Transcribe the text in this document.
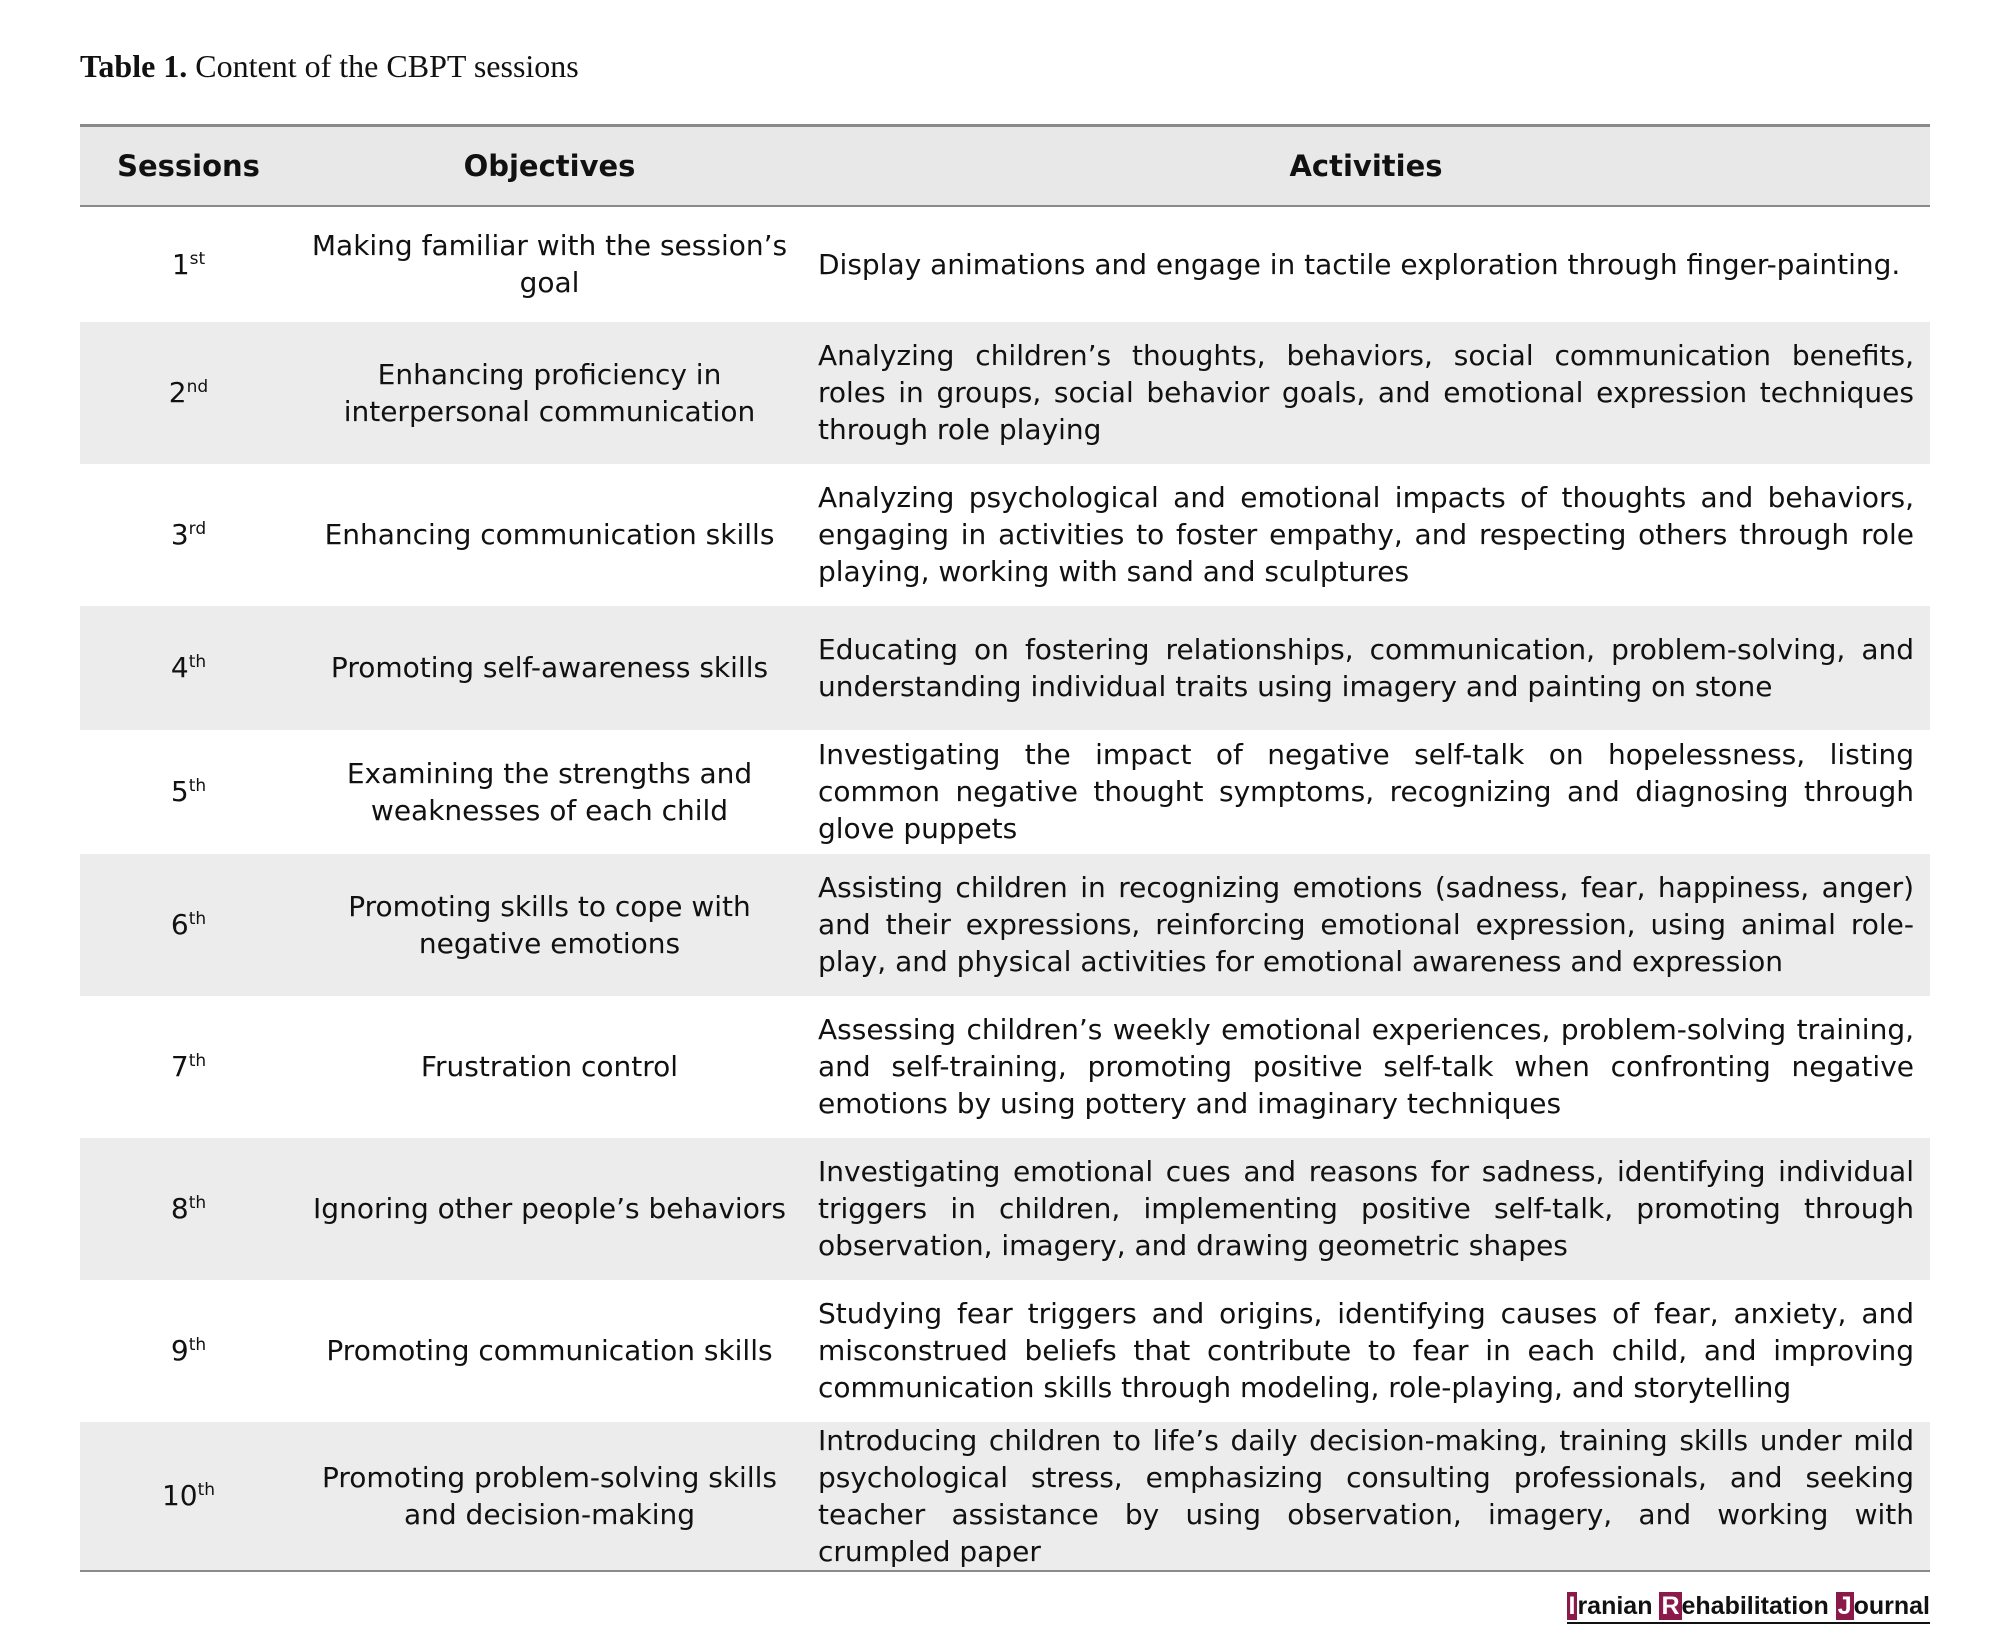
Table 1. Content of the CBPT sessions
Sessions	Objectives	Activities
1st	Making familiar with the session’s goal	Display animations and engage in tactile exploration through finger-painting.
2nd	Enhancing proficiency in interpersonal communication	Analyzing children’s thoughts, behaviors, social communication benefits, roles in groups, social behavior goals, and emotional expression techniques through role playing
3rd	Enhancing communication skills	Analyzing psychological and emotional impacts of thoughts and behaviors, engaging in activities to foster empathy, and respecting others through role playing, working with sand and sculptures
4th	Promoting self-awareness skills	Educating on fostering relationships, communication, problem-solving, and understanding individual traits using imagery and painting on stone
5th	Examining the strengths and weaknesses of each child	Investigating the impact of negative self-talk on hopelessness, listing common negative thought symptoms, recognizing and diagnosing through glove puppets
6th	Promoting skills to cope with negative emotions	Assisting children in recognizing emotions (sadness, fear, happiness, anger) and their expressions, reinforcing emotional expression, using animal role-play, and physical activities for emotional awareness and expression
7th	Frustration control	Assessing children’s weekly emotional experiences, problem-solving training, and self-training, promoting positive self-talk when confronting negative emotions by using pottery and imaginary techniques
8th	Ignoring other people’s behaviors	Investigating emotional cues and reasons for sadness, identifying individual triggers in children, implementing positive self-talk, promoting through observation, imagery, and drawing geometric shapes
9th	Promoting communication skills	Studying fear triggers and origins, identifying causes of fear, anxiety, and misconstrued beliefs that contribute to fear in each child, and improving communication skills through modeling, role-playing, and storytelling
10th	Promoting problem-solving skills and decision-making	Introducing children to life’s daily decision-making, training skills under mild psychological stress, emphasizing consulting professionals, and seeking teacher assistance by using observation, imagery, and working with crumpled paper
Iranian Rehabilitation Journal
